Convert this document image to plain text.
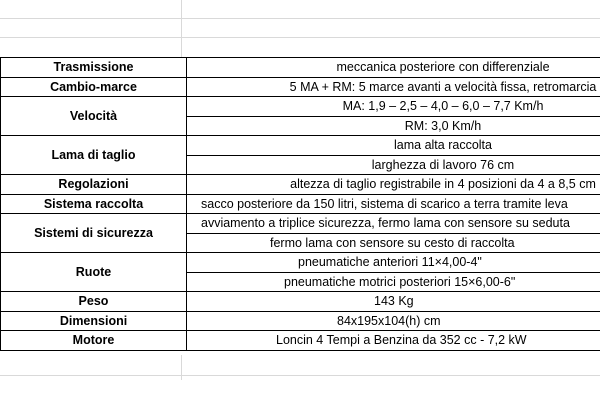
Trasmissione	meccanica posteriore con differenziale
Cambio-marce	5 MA + RM: 5 marce avanti a velocità fissa, retromarcia
Velocità	MA: 1,9 – 2,5 – 4,0 – 6,0 – 7,7 Km/h
	RM: 3,0 Km/h
Lama di taglio	lama alta raccolta
	larghezza di lavoro 76 cm
Regolazioni	altezza di taglio registrabile in 4 posizioni da 4 a 8,5 cm
Sistema raccolta	sacco posteriore da 150 litri, sistema di scarico a terra tramite leva
Sistemi di sicurezza	avviamento a triplice sicurezza, fermo lama con sensore su seduta
	fermo lama con sensore su cesto di raccolta
Ruote	pneumatiche anteriori 11×4,00-4"
	pneumatiche motrici posteriori 15×6,00-6"
Peso	143 Kg
Dimensioni	84x195x104(h) cm
Motore	Loncin 4 Tempi a Benzina da 352 cc - 7,2 kW
